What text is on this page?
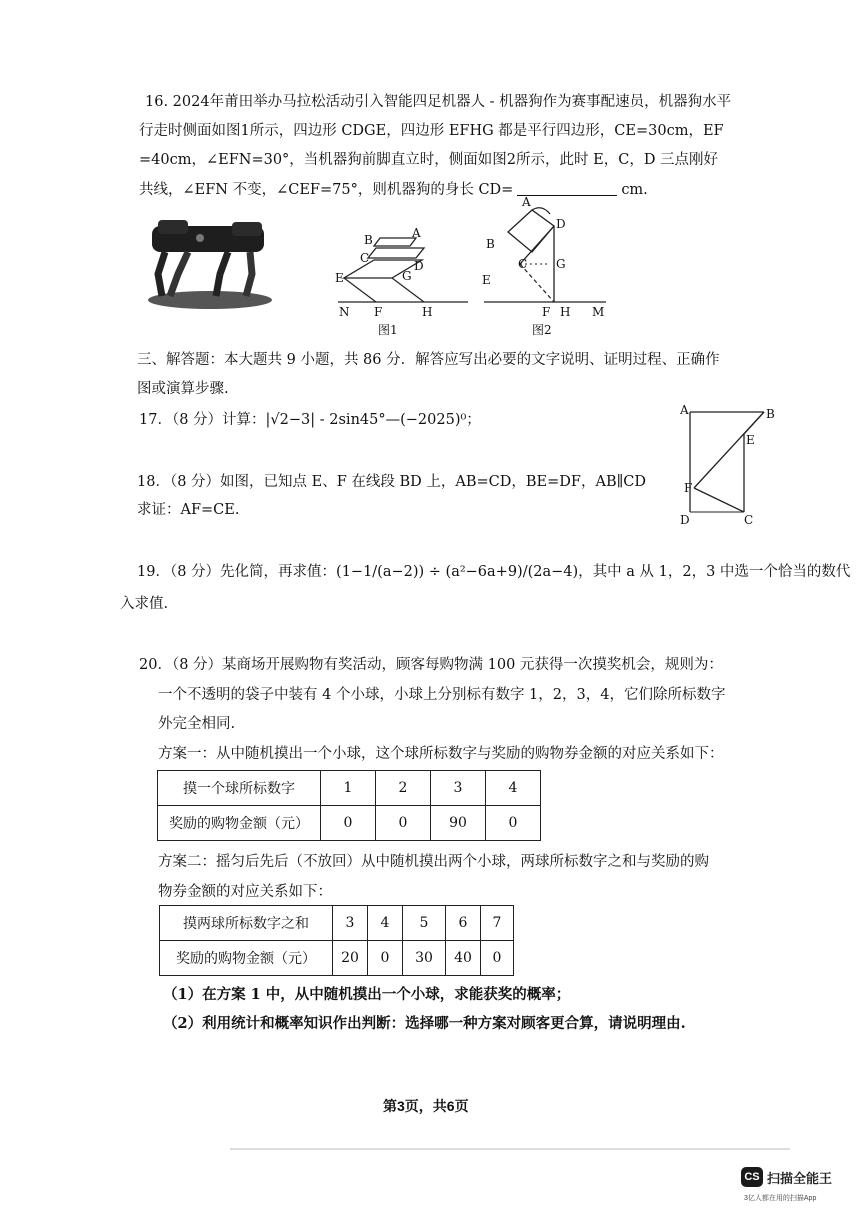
16. 2024年莆田举办马拉松活动引入智能四足机器人 - 机器狗作为赛事配速员，机器狗水平
行走时侧面如图1所示，四边形 CDGE，四边形 EFHG 都是平行四边形，CE=30cm，EF
=40cm，∠EFN=30°，当机器狗前脚直立时，侧面如图2所示，此时 E，C，D 三点刚好
共线，∠EFN 不变，∠CEF=75°，则机器狗的身长 CD=	cm.
B	A
C
D
E	G
N F	H
图1
A
D
B
C G
E
F H M
图2
三、解答题：本大题共 9 小题，共 86 分．解答应写出必要的文字说明、证明过程、正确作
图或演算步骤.
17．（8 分）计算：|√2−3| - 2sin45°—(−2025)⁰；
18．（8 分）如图，已知点 E、F 在线段 BD 上，AB=CD，BE=DF，AB∥CD
求证：AF=CE.
A	B
E
F
D	C
19．（8 分）先化简，再求值：(1−1/(a−2)) ÷ (a²−6a+9)/(2a−4)，其中 a 从 1，2，3 中选一个恰当的数代
入求值.
20．（8 分）某商场开展购物有奖活动，顾客每购物满 100 元获得一次摸奖机会，规则为：
一个不透明的袋子中装有 4 个小球，小球上分别标有数字 1，2，3，4，它们除所标数字
外完全相同.
方案一：从中随机摸出一个小球，这个球所标数字与奖励的购物券金额的对应关系如下：
摸一个球所标数字	1	2	3	4
奖励的购物金额（元）	0	0	90	0
方案二：摇匀后先后（不放回）从中随机摸出两个小球，两球所标数字之和与奖励的购
物券金额的对应关系如下：
摸两球所标数字之和	3	4	5	6	7
奖励的购物金额（元）	20	0	30	40	0
（1）在方案 1 中，从中随机摸出一个小球，求能获奖的概率；
（2）利用统计和概率知识作出判断：选择哪一种方案对顾客更合算，请说明理由.
第3页，共6页
CS 扫描全能王
3亿人都在用的扫描App
